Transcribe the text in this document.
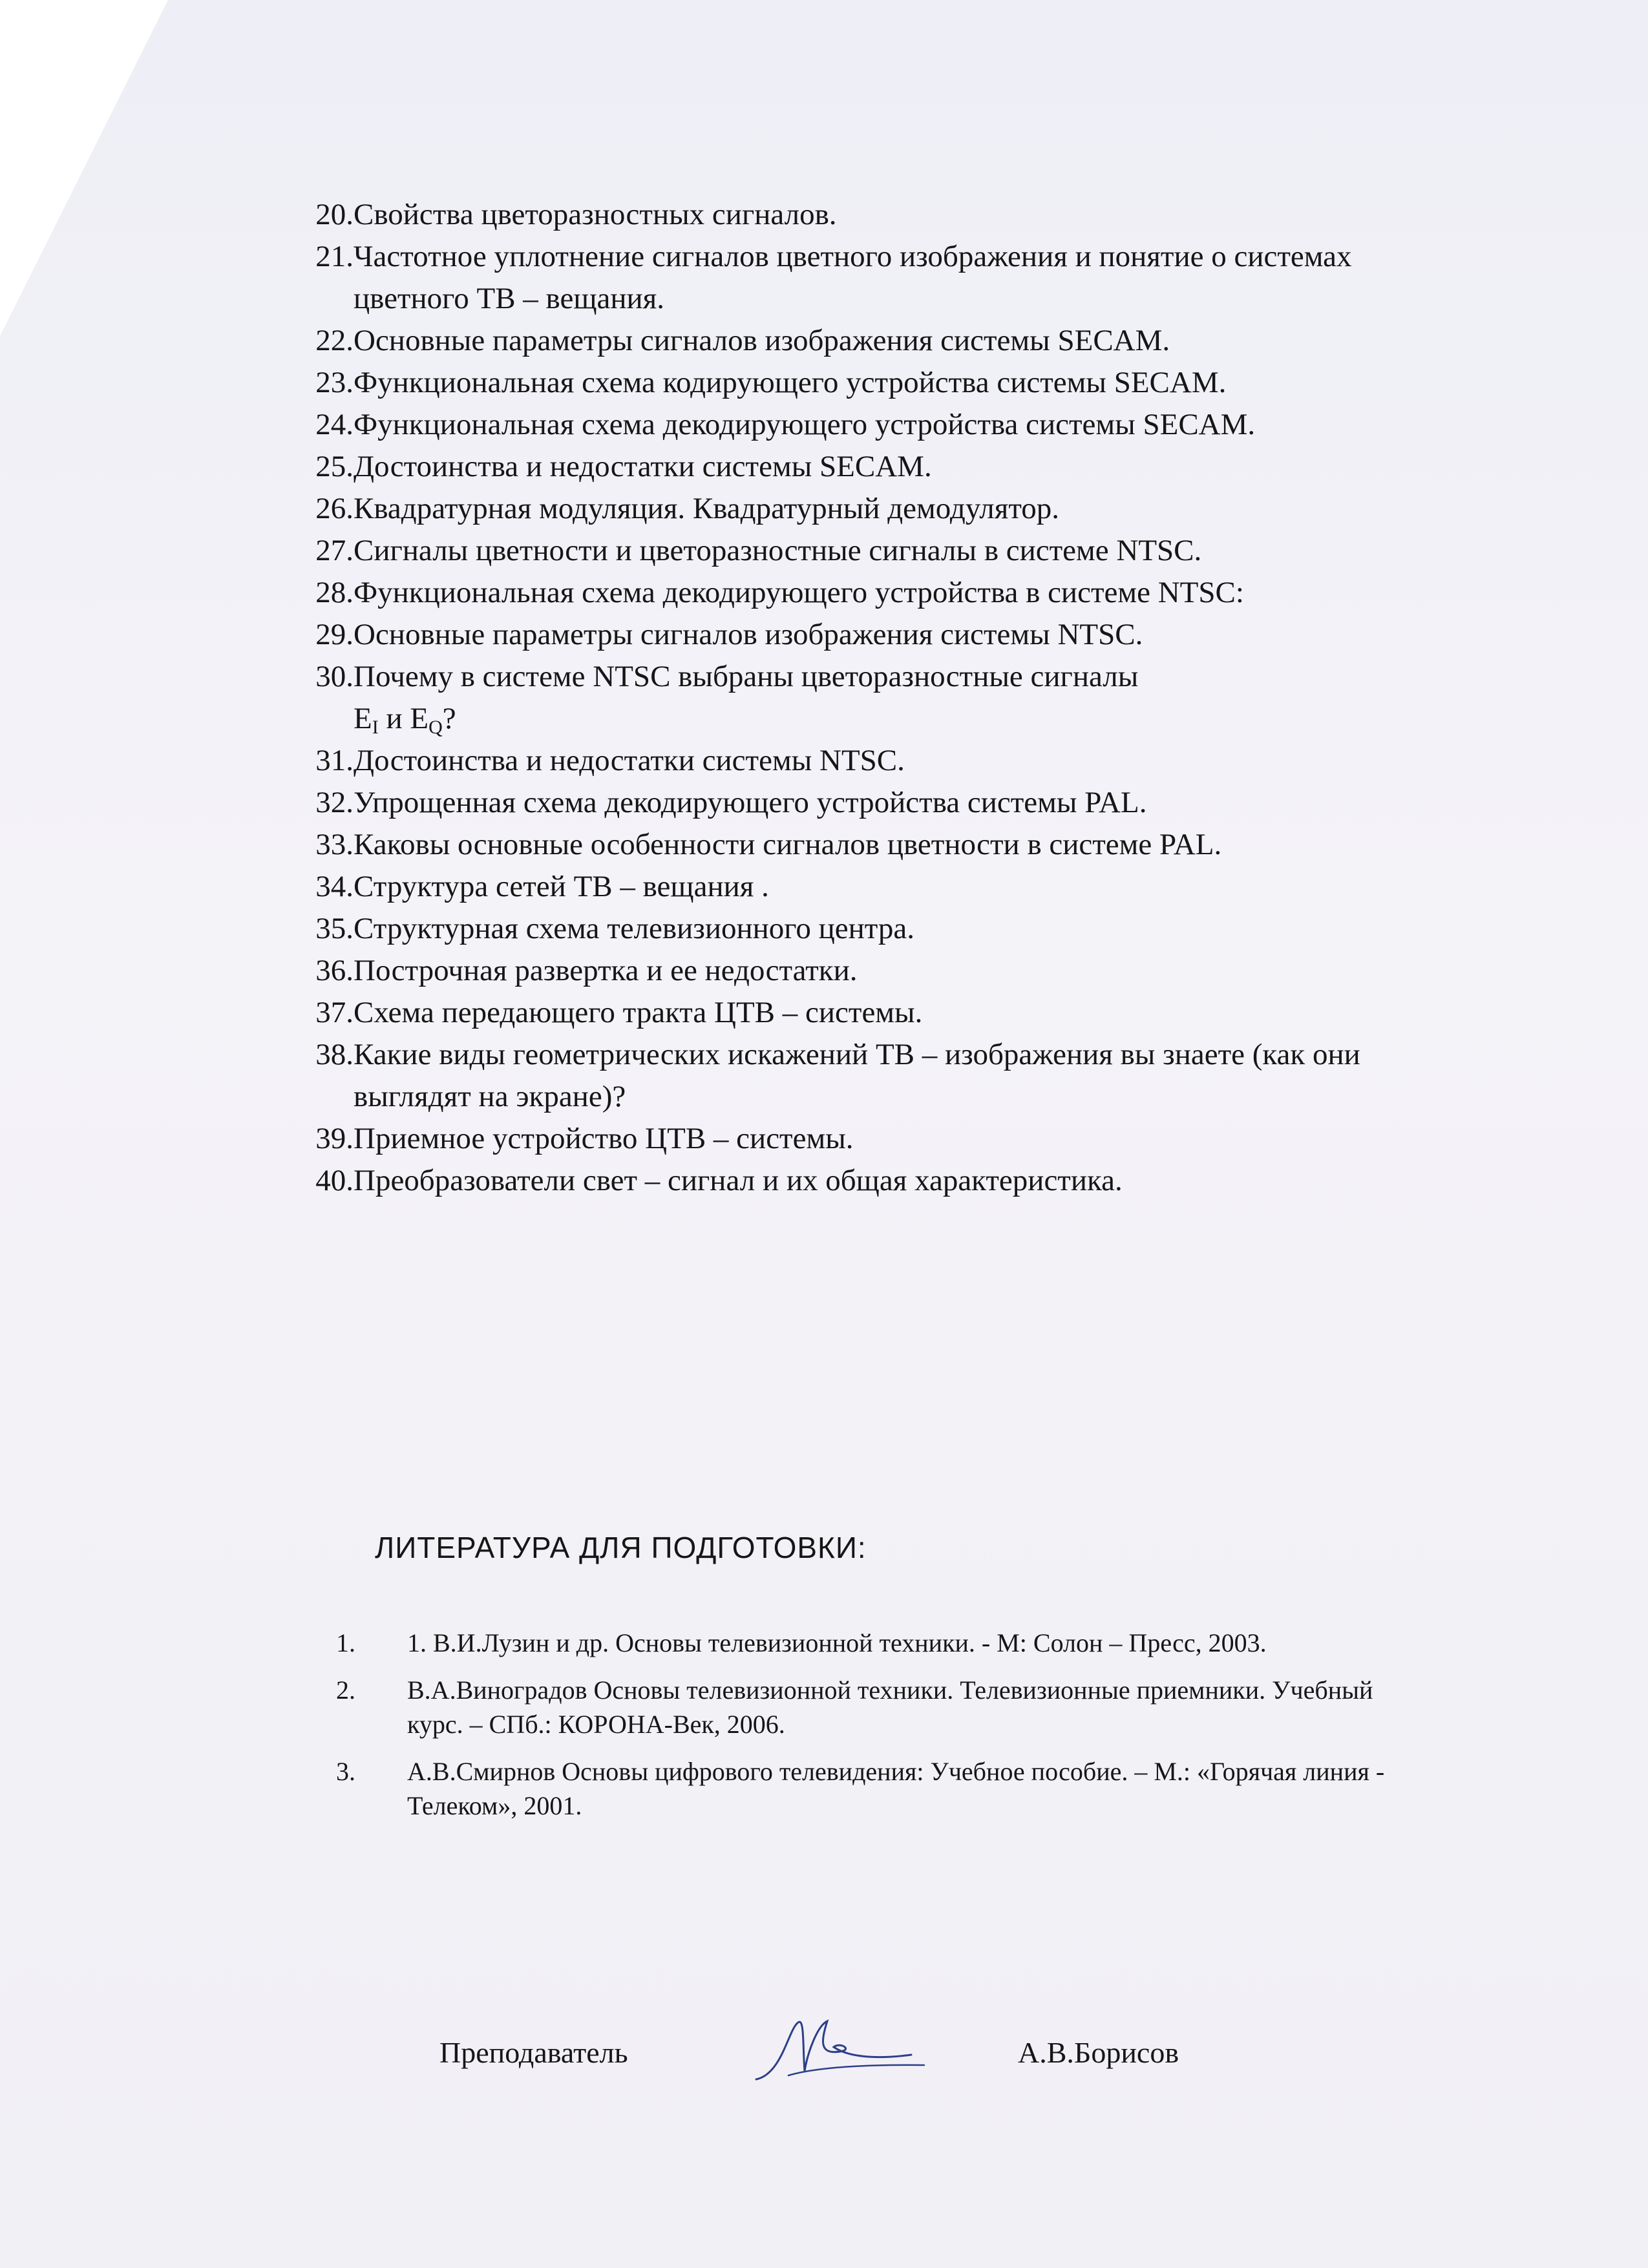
20. Свойства цветоразностных сигналов.
21. Частотное уплотнение сигналов цветного изображения и понятие о системах цветного ТВ – вещания.
22. Основные параметры сигналов изображения системы SECAM.
23. Функциональная схема кодирующего устройства системы SECAM.
24. Функциональная схема декодирующего устройства системы SECAM.
25. Достоинства и недостатки системы SECAM.
26. Квадратурная модуляция. Квадратурный демодулятор.
27. Сигналы цветности и цветоразностные сигналы в системе NTSC.
28. Функциональная схема декодирующего устройства в системе NTSC:
29. Основные параметры сигналов изображения системы NTSC.
30. Почему в системе NTSC выбраны цветоразностные сигналы
$E_I$ и $E_Q$?
31. Достоинства и недостатки системы NTSC.
32. Упрощенная схема декодирующего устройства системы PAL.
33. Каковы основные особенности сигналов цветности в системе PAL.
34. Структура сетей ТВ – вещания .
35. Структурная схема телевизионного центра.
36. Построчная развертка и ее недостатки.
37. Схема передающего тракта ЦТВ – системы.
38. Какие виды геометрических искажений ТВ – изображения вы знаете (как они выглядят на экране)?
39. Приемное устройство ЦТВ – системы.
40. Преобразователи свет – сигнал и их общая характеристика.
ЛИТЕРАТУРА ДЛЯ ПОДГОТОВКИ:
1.	1. В.И.Лузин и др. Основы телевизионной техники. - М: Солон – Пресс, 2003.
2.	В.А.Виноградов Основы телевизионной техники. Телевизионные приемники. Учебный курс. – СПб.: КОРОНА-Век, 2006.
3.	А.В.Смирнов Основы цифрового телевидения: Учебное пособие. – М.: «Горячая линия - Телеком», 2001.
Преподаватель	А.В.Борисов
